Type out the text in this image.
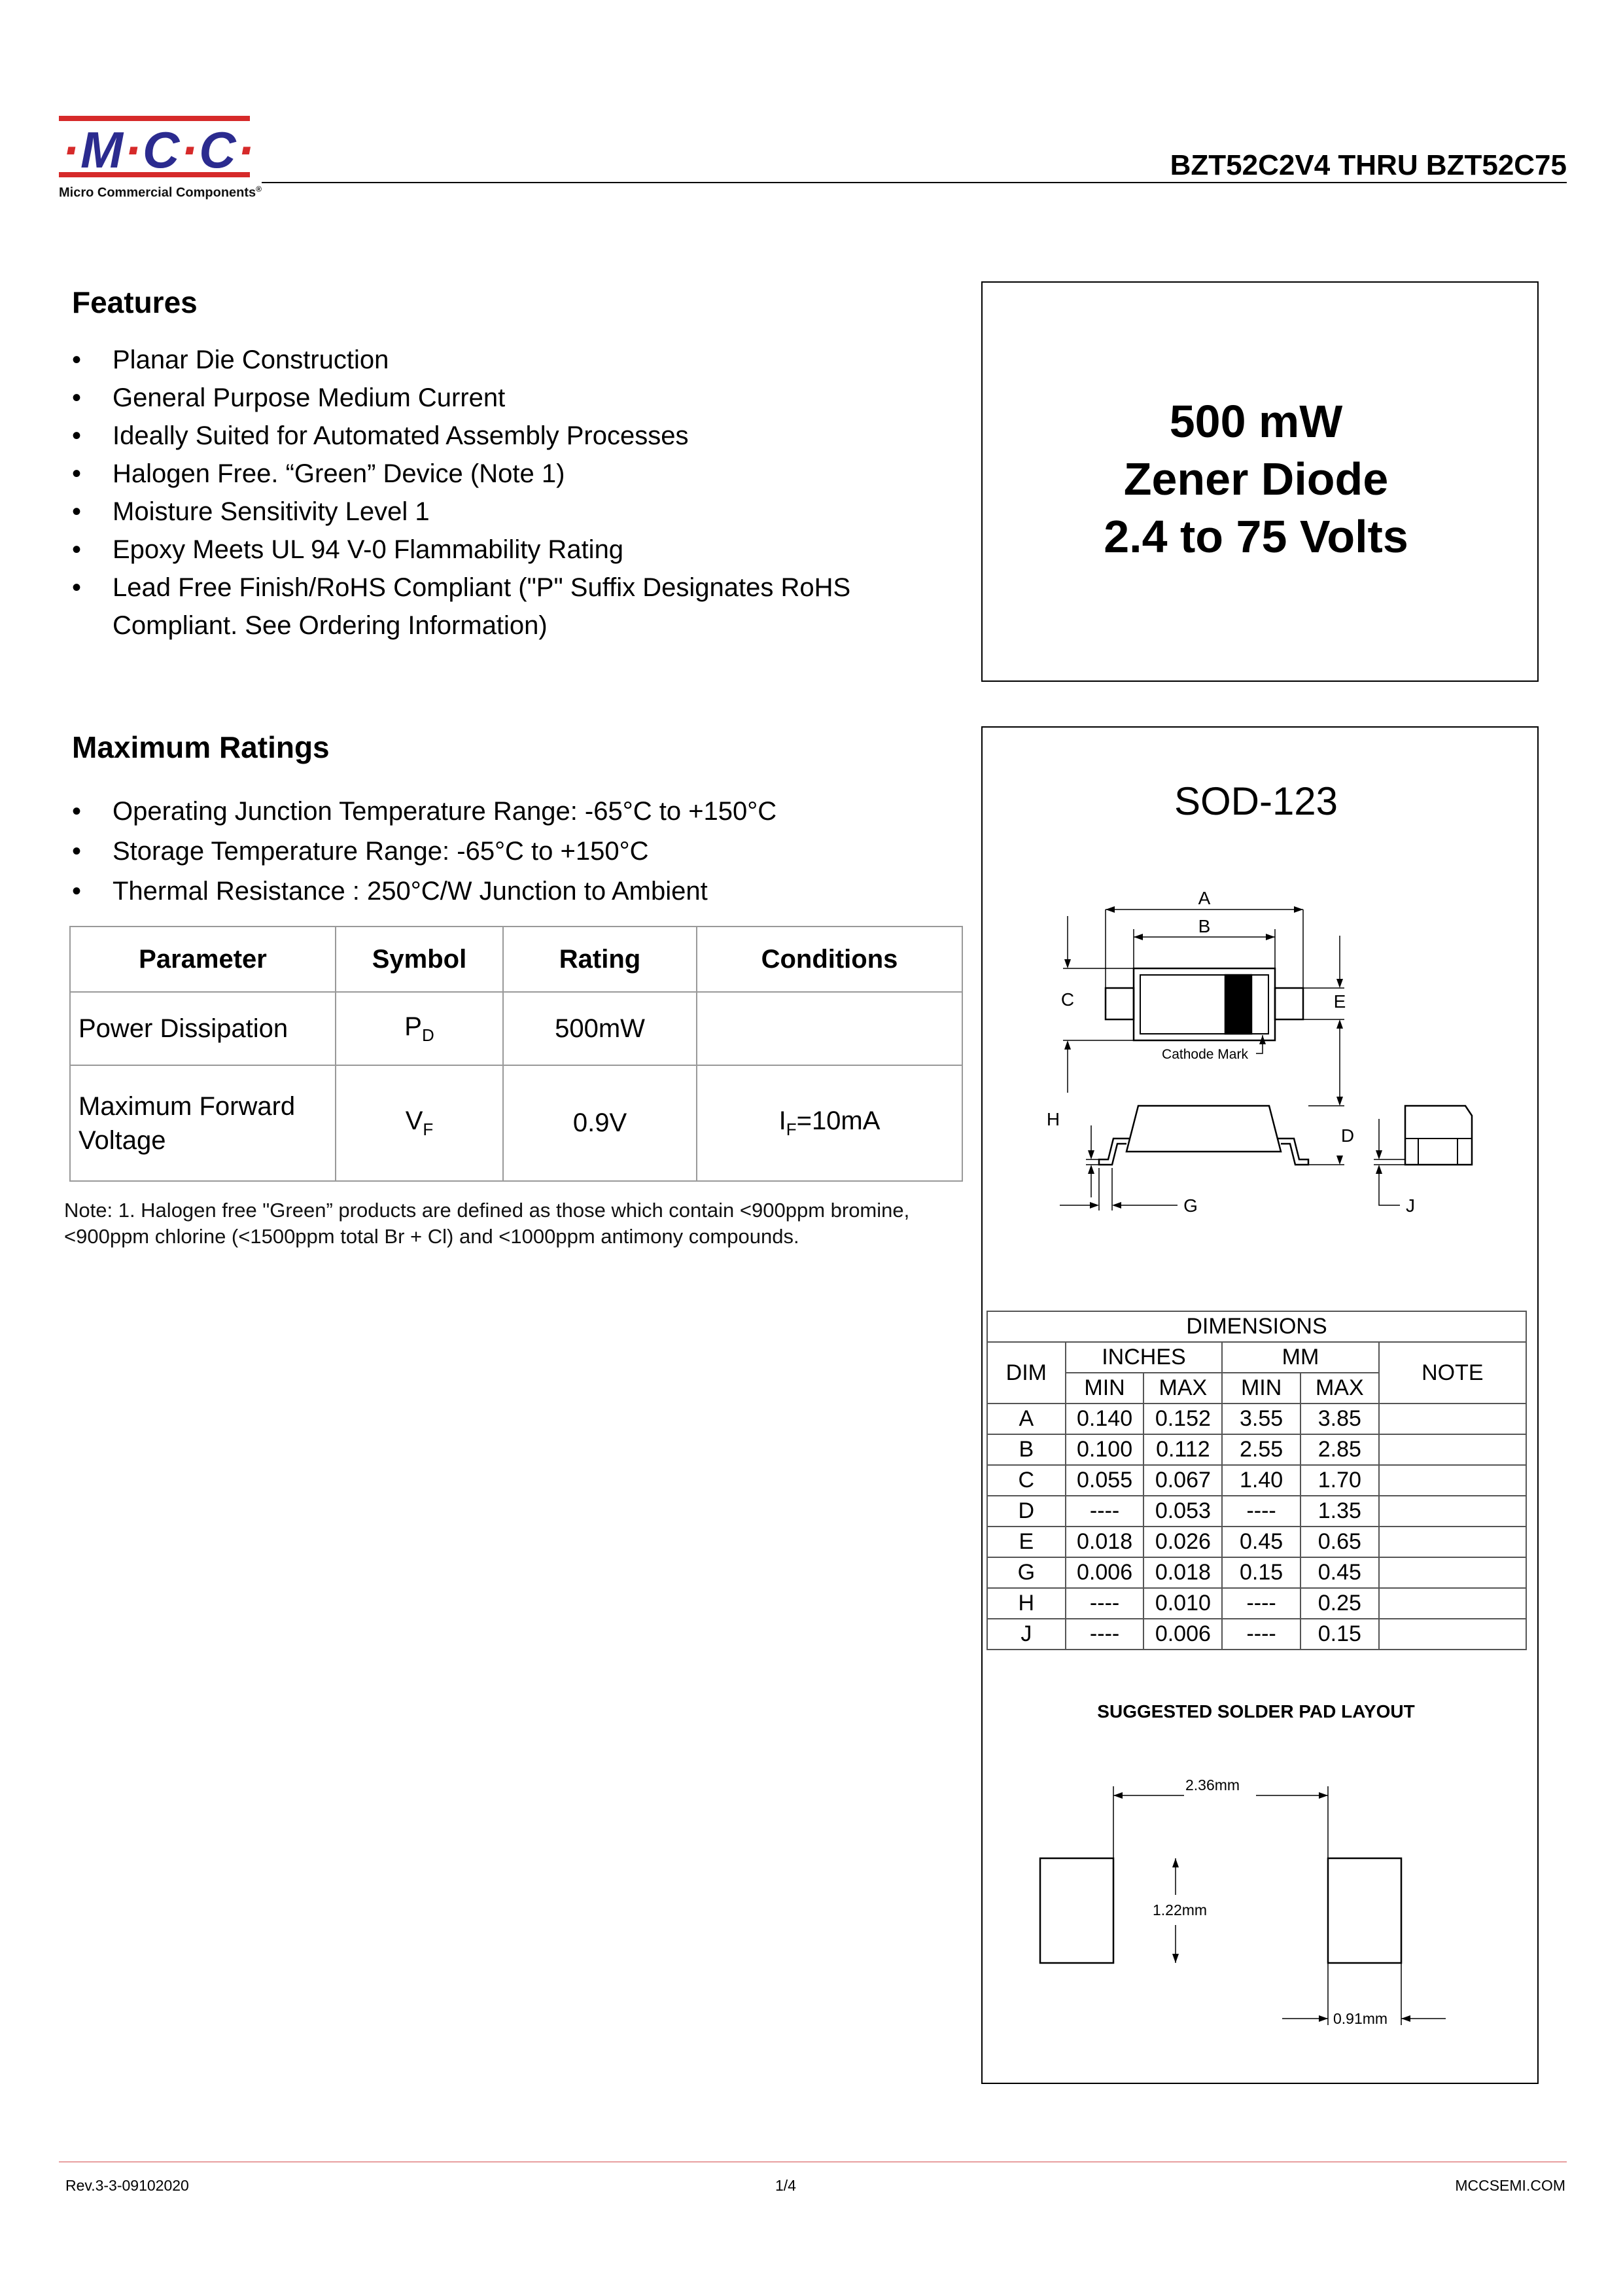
·M·C·C·
Micro Commercial Components®
BZT52C2V4 THRU BZT52C75
Features
• Planar Die Construction
• General Purpose Medium Current
• Ideally Suited for Automated Assembly Processes
• Halogen Free. “Green” Device (Note 1)
• Moisture Sensitivity Level 1
• Epoxy Meets UL 94 V-0 Flammability Rating
• Lead Free Finish/RoHS Compliant ("P" Suffix Designates RoHS Compliant. See Ordering Information)
500 mW
Zener Diode
2.4 to 75 Volts
Maximum Ratings
• Operating Junction Temperature Range: -65°C to +150°C
• Storage Temperature Range: -65°C to +150°C
• Thermal Resistance : 250°C/W Junction to Ambient
Parameter	Symbol	Rating	Conditions
Power Dissipation	$P_D$	500mW	
Maximum Forward Voltage	$V_F$	0.9V	$I_F=10mA$
Note: 1. Halogen free "Green” products are defined as those which contain <900ppm bromine,
<900ppm chlorine (<1500ppm total Br + Cl) and <1000ppm antimony compounds.
SOD-123
A
B
C	E
H
D
G	J
Cathode Mark
DIMENSIONS					
DIM	INCHES		MM		NOTE
	MIN	MAX	MIN	MAX	
A	0.140	0.152	3.55	3.85	
B	0.100	0.112	2.55	2.85	
C	0.055	0.067	1.40	1.70	
D	----	0.053	----	1.35	
E	0.018	0.026	0.45	0.65	
G	0.006	0.018	0.15	0.45	
H	----	0.010	----	0.25	
J	----	0.006	----	0.15	
SUGGESTED SOLDER PAD LAYOUT
2.36mm
1.22mm
0.91mm
Rev.3-3-09102020	1/4	MCCSEMI.COM
